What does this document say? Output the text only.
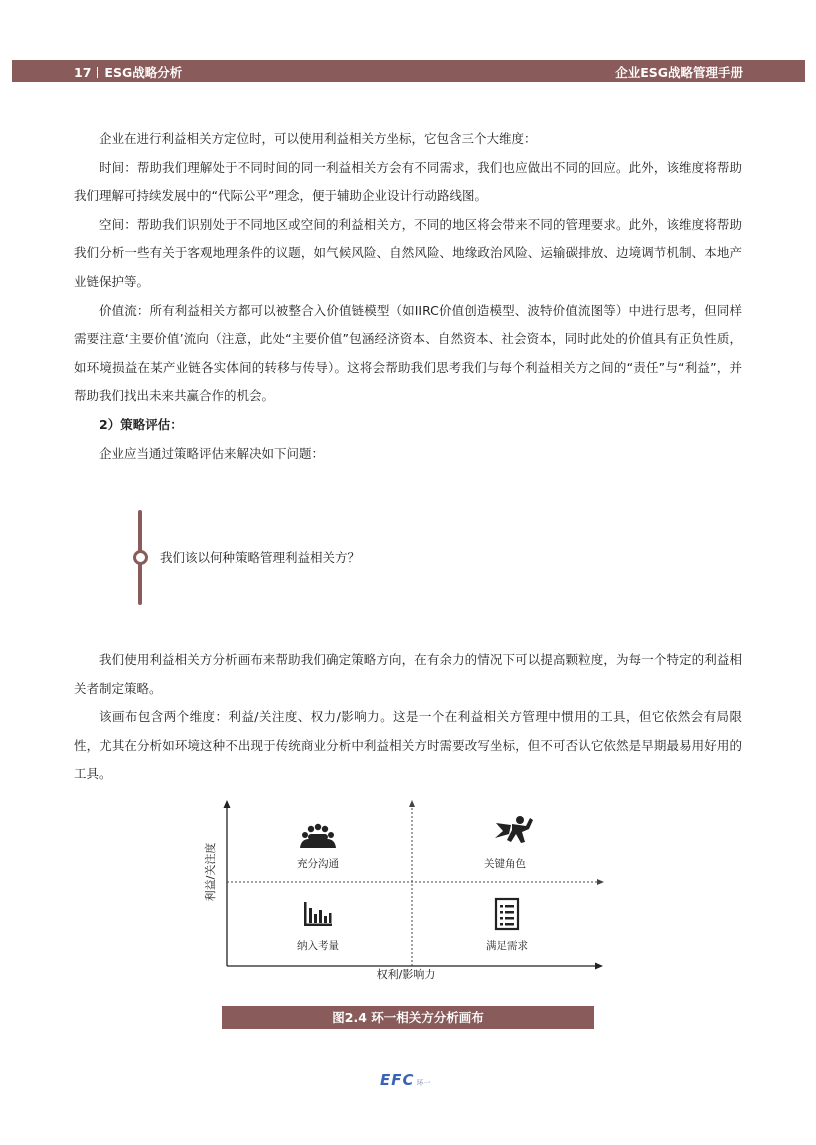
17 ESG战略分析	企业ESG战略管理手册

企业在进行利益相关方定位时，可以使用利益相关方坐标，它包含三个大维度：

时间：帮助我们理解处于不同时间的同一利益相关方会有不同需求，我们也应做出不同的回应。此外，该维度将帮助我们理解可持续发展中的“代际公平”理念，便于辅助企业设计行动路线图。

空间：帮助我们识别处于不同地区或空间的利益相关方，不同的地区将会带来不同的管理要求。此外，该维度将帮助我们分析一些有关于客观地理条件的议题，如气候风险、自然风险、地缘政治风险、运输碳排放、边境调节机制、本地产业链保护等。

价值流：所有利益相关方都可以被整合入价值链模型（如IIRC价值创造模型、波特价值流图等）中进行思考，但同样需要注意‘主要价值’流向（注意，此处“主要价值”包涵经济资本、自然资本、社会资本，同时此处的价值具有正负性质，如环境损益在某产业链各实体间的转移与传导）。这将会帮助我们思考我们与每个利益相关方之间的“责任”与“利益”，并帮助我们找出未来共赢合作的机会。

2）策略评估：

企业应当通过策略评估来解决如下问题：

我们该以何种策略管理利益相关方？

我们使用利益相关方分析画布来帮助我们确定策略方向，在有余力的情况下可以提高颗粒度，为每一个特定的利益相关者制定策略。

该画布包含两个维度：利益/关注度、权力/影响力。这是一个在利益相关方管理中惯用的工具，但它依然会有局限性，尤其在分析如环境这种不出现于传统商业分析中利益相关方时需要改写坐标，但不可否认它依然是早期最易用好用的工具。

利益/关注度
权利/影响力
充分沟通	关键角色
纳入考量	满足需求
图2.4 环一相关方分析画布
EFC 环一
